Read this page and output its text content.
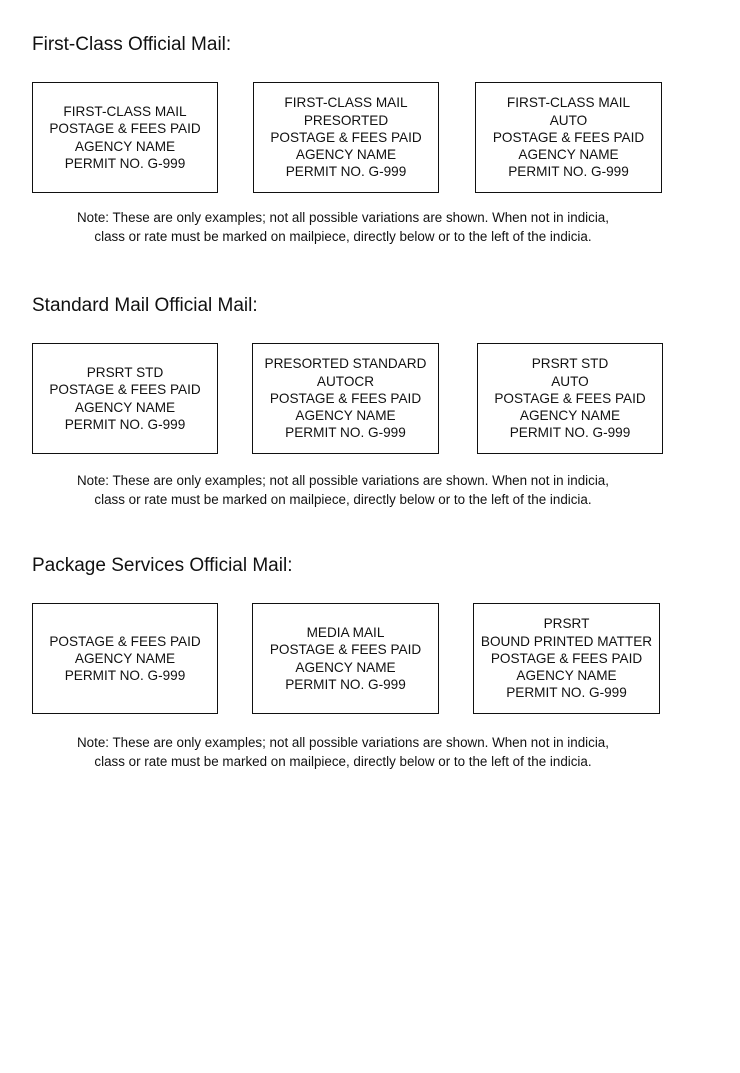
First-Class Official Mail:
FIRST-CLASS MAIL
POSTAGE & FEES PAID
AGENCY NAME
PERMIT NO. G-999
FIRST-CLASS MAIL
PRESORTED
POSTAGE & FEES PAID
AGENCY NAME
PERMIT NO. G-999
FIRST-CLASS MAIL
AUTO
POSTAGE & FEES PAID
AGENCY NAME
PERMIT NO. G-999
Note: These are only examples; not all possible variations are shown. When not in indicia,
class or rate must be marked on mailpiece, directly below or to the left of the indicia.
Standard Mail Official Mail:
PRSRT STD
POSTAGE & FEES PAID
AGENCY NAME
PERMIT NO. G-999
PRESORTED STANDARD
AUTOCR
POSTAGE & FEES PAID
AGENCY NAME
PERMIT NO. G-999
PRSRT STD
AUTO
POSTAGE & FEES PAID
AGENCY NAME
PERMIT NO. G-999
Note: These are only examples; not all possible variations are shown. When not in indicia,
class or rate must be marked on mailpiece, directly below or to the left of the indicia.
Package Services Official Mail:
POSTAGE & FEES PAID
AGENCY NAME
PERMIT NO. G-999
MEDIA MAIL
POSTAGE & FEES PAID
AGENCY NAME
PERMIT NO. G-999
PRSRT
BOUND PRINTED MATTER
POSTAGE & FEES PAID
AGENCY NAME
PERMIT NO. G-999
Note: These are only examples; not all possible variations are shown. When not in indicia,
class or rate must be marked on mailpiece, directly below or to the left of the indicia.
